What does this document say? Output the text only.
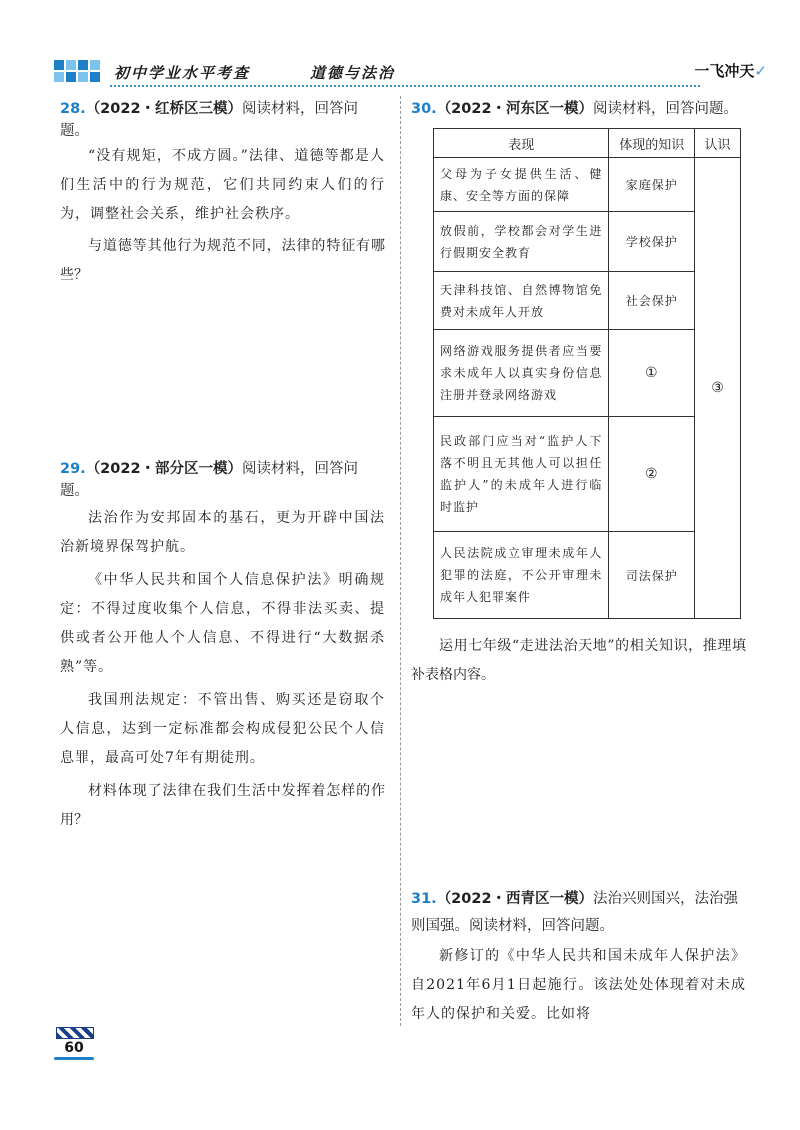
初中学业水平考查	道德与法治	一飞冲天✓
28.（2022・红桥区三模）阅读材料，回答问题。

“没有规矩，不成方圆。”法律、道德等都是人们生活中的行为规范，它们共同约束人们的行为，调整社会关系，维护社会秩序。

与道德等其他行为规范不同，法律的特征有哪些？

29.（2022・部分区一模）阅读材料，回答问题。

法治作为安邦固本的基石，更为开辟中国法治新境界保驾护航。

《中华人民共和国个人信息保护法》明确规定：不得过度收集个人信息，不得非法买卖、提供或者公开他人个人信息、不得进行“大数据杀熟”等。

我国刑法规定：不管出售、购买还是窃取个人信息，达到一定标准都会构成侵犯公民个人信息罪，最高可处7年有期徒刑。

材料体现了法律在我们生活中发挥着怎样的作用？

30.（2022・河东区一模）阅读材料，回答问题。
表现	体现的知识	认识
父母为子女提供生活、健康、安全等方面的保障	家庭保护	③
放假前，学校都会对学生进行假期安全教育	学校保护	
天津科技馆、自然博物馆免费对未成年人开放	社会保护	
网络游戏服务提供者应当要求未成年人以真实身份信息注册并登录网络游戏	①	
民政部门应当对“监护人下落不明且无其他人可以担任监护人”的未成年人进行临时监护	②	
人民法院成立审理未成年人犯罪的法庭，不公开审理未成年人犯罪案件	司法保护	

运用七年级“走进法治天地”的相关知识，推理填补表格内容。

31.（2022・西青区一模）法治兴则国兴，法治强则国强。阅读材料，回答问题。

新修订的《中华人民共和国未成年人保护法》自2021年6月1日起施行。该法处处体现着对未成年人的保护和关爱。比如将

60
